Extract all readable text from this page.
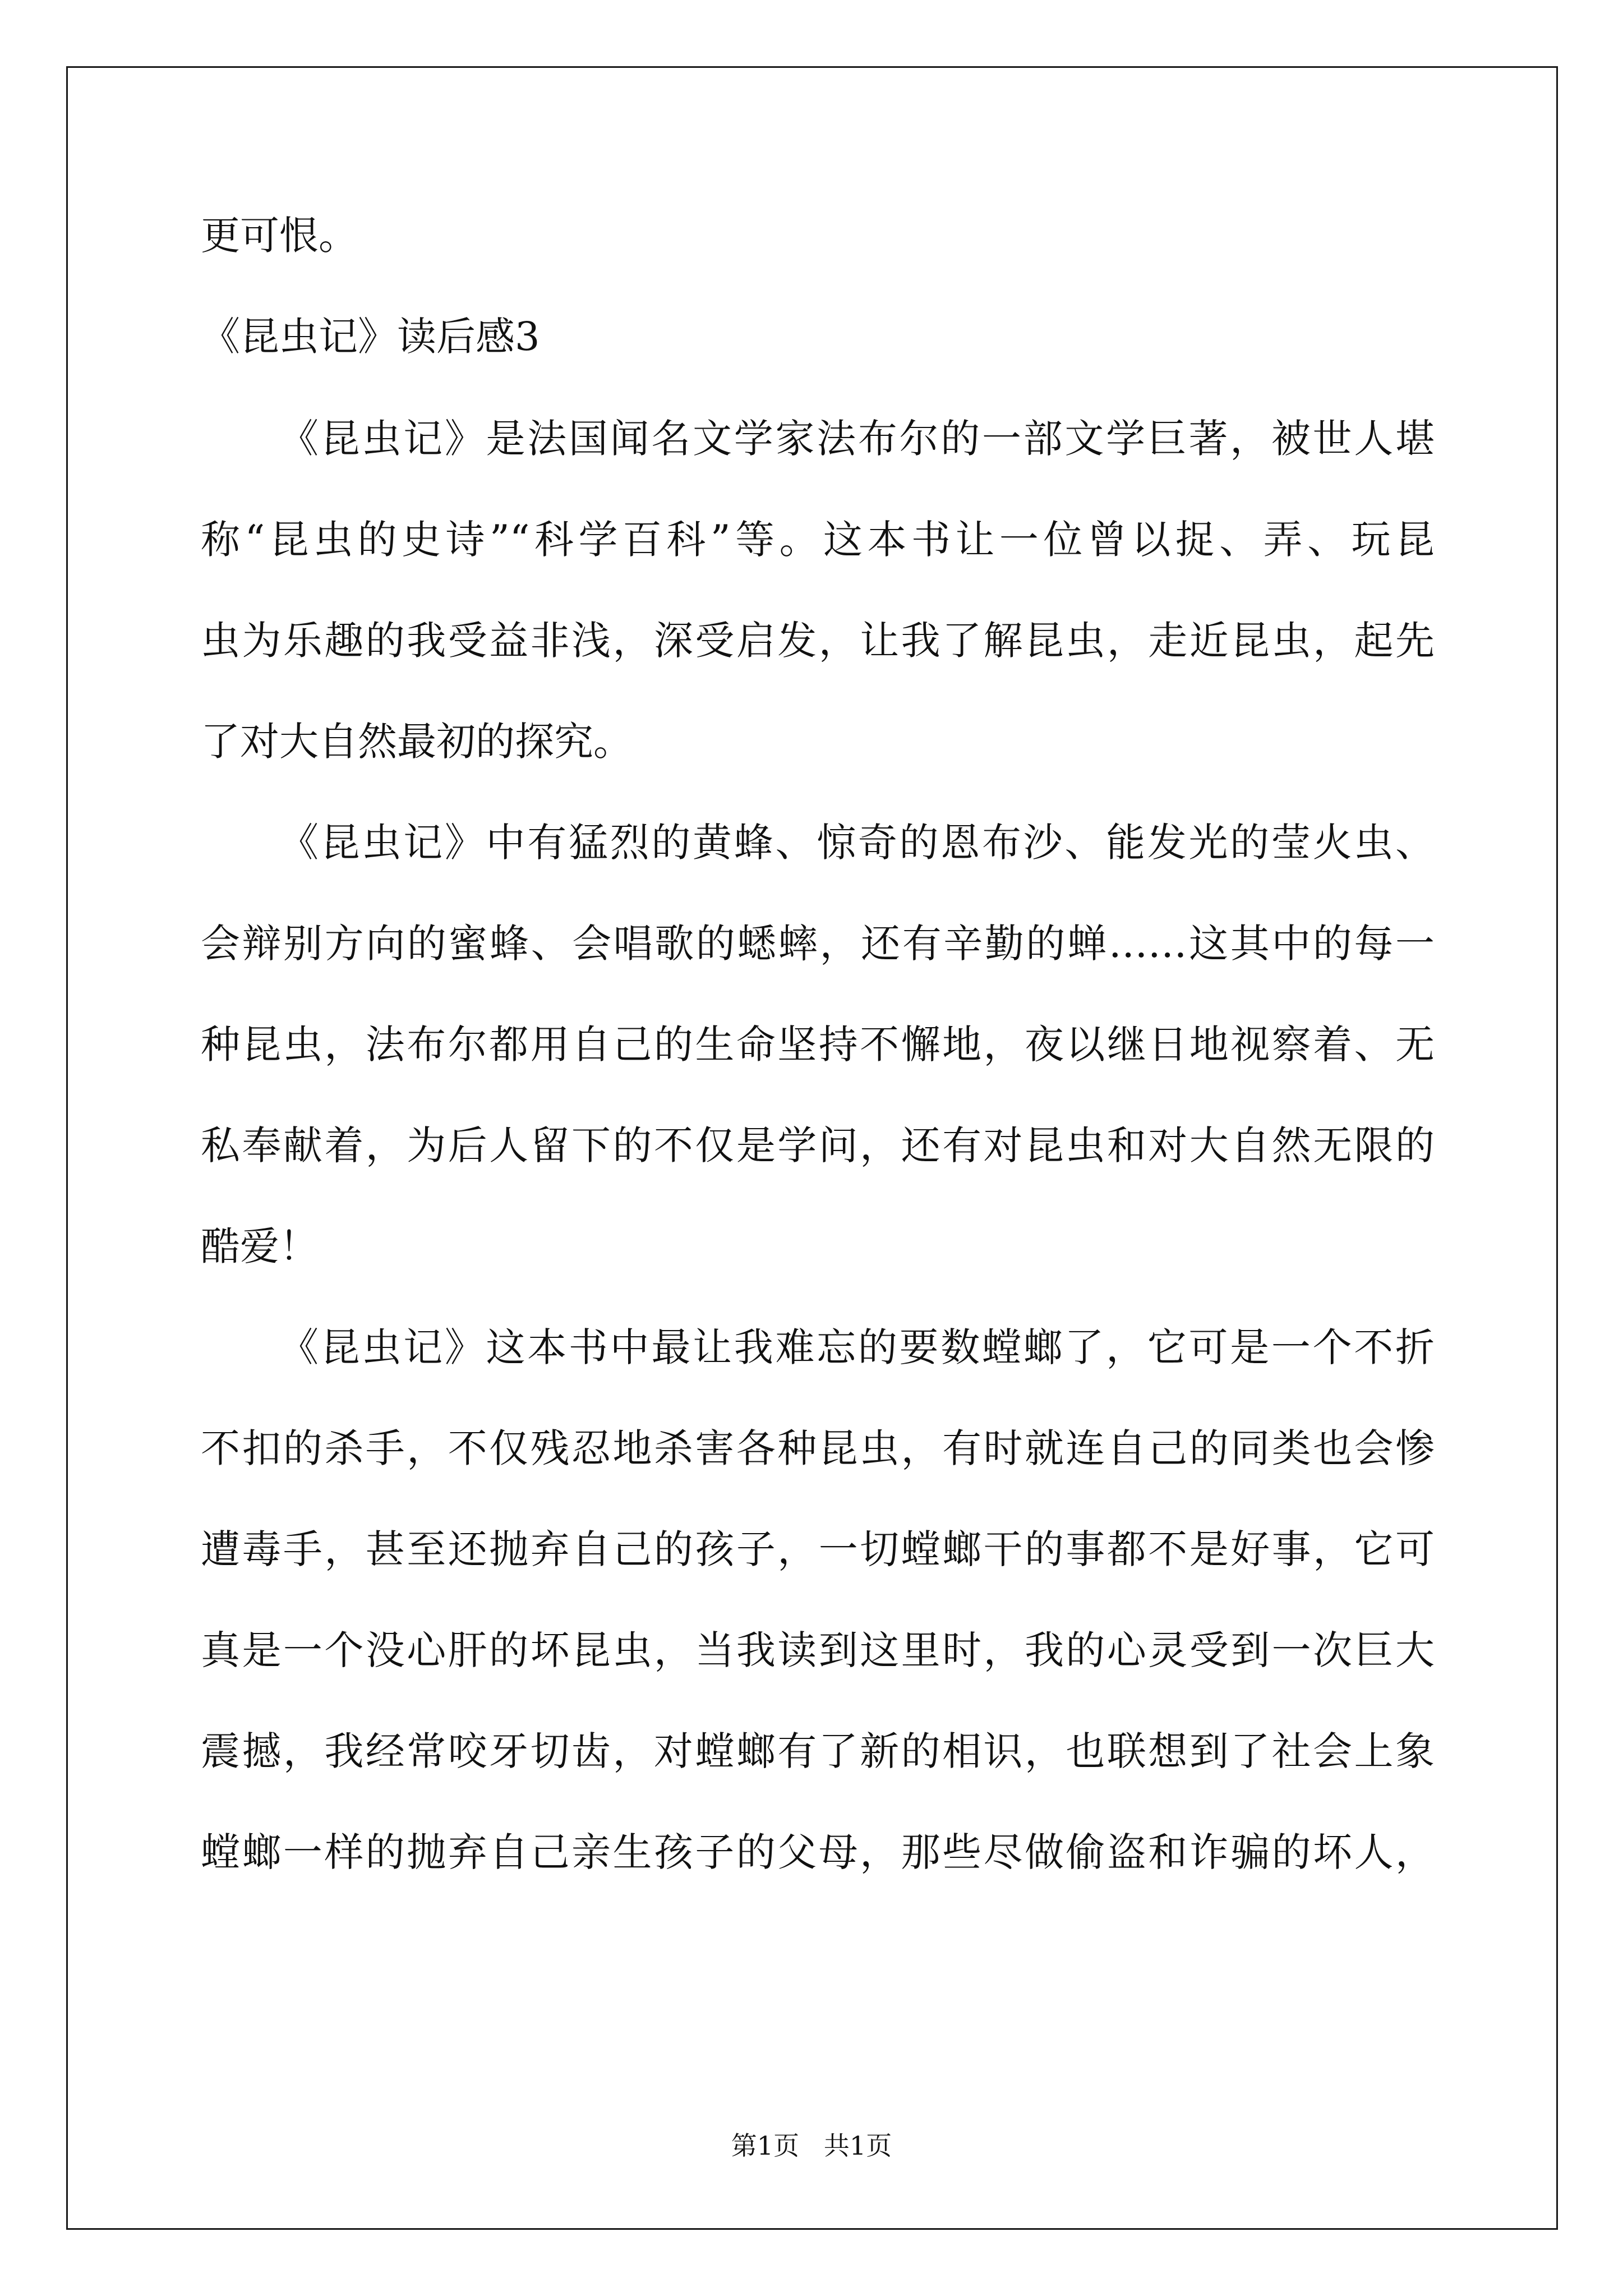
更可恨。
《昆虫记》读后感3
《昆虫记》是法国闻名文学家法布尔的一部文学巨著，被世人堪
称“昆虫的史诗”“科学百科”等。这本书让一位曾以捉、弄、玩昆
虫为乐趣的我受益非浅，深受启发，让我了解昆虫，走近昆虫，起先
了对大自然最初的探究。
《昆虫记》中有猛烈的黄蜂、惊奇的恩布沙、能发光的莹火虫、
会辩别方向的蜜蜂、会唱歌的蟋蟀，还有辛勤的蝉……这其中的每一
种昆虫，法布尔都用自己的生命坚持不懈地，夜以继日地视察着、无
私奉献着，为后人留下的不仅是学问，还有对昆虫和对大自然无限的
酷爱！
《昆虫记》这本书中最让我难忘的要数螳螂了，它可是一个不折
不扣的杀手，不仅残忍地杀害各种昆虫，有时就连自己的同类也会惨
遭毒手，甚至还抛弃自己的孩子，一切螳螂干的事都不是好事，它可
真是一个没心肝的坏昆虫，当我读到这里时，我的心灵受到一次巨大
震撼，我经常咬牙切齿，对螳螂有了新的相识，也联想到了社会上象
螳螂一样的抛弃自己亲生孩子的父母，那些尽做偷盗和诈骗的坏人，
第1页   共1页
